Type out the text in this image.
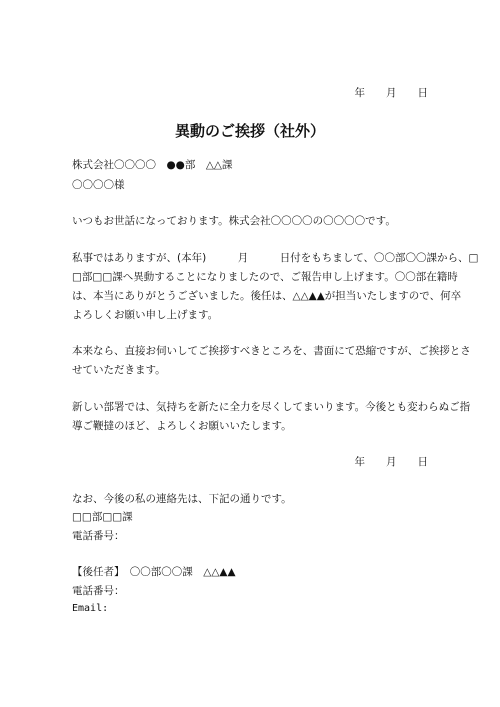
年　　月　　日
異動のご挨拶（社外）
株式会社〇〇〇〇　●●部　△△課
〇〇〇〇様
いつもお世話になっております。株式会社〇〇〇〇の〇〇〇〇です。
私事ではありますが、(本年)　　　月　　　日付をもちまして、〇〇部〇〇課から、□
□部□□課へ異動することになりましたので、ご報告申し上げます。〇〇部在籍時
は、本当にありがとうございました。後任は、△△▲▲が担当いたしますので、何卒
よろしくお願い申し上げます。
本来なら、直接お伺いしてご挨拶すべきところを、書面にて恐縮ですが、ご挨拶とさ
せていただきます。
新しい部署では、気持ちを新たに全力を尽くしてまいります。今後とも変わらぬご指
導ご鞭撻のほど、よろしくお願いいたします。
年　　月　　日
なお、今後の私の連絡先は、下記の通りです。
□□部□□課
電話番号：
【後任者】　〇〇部〇〇課　△△▲▲
電話番号：
Email:
